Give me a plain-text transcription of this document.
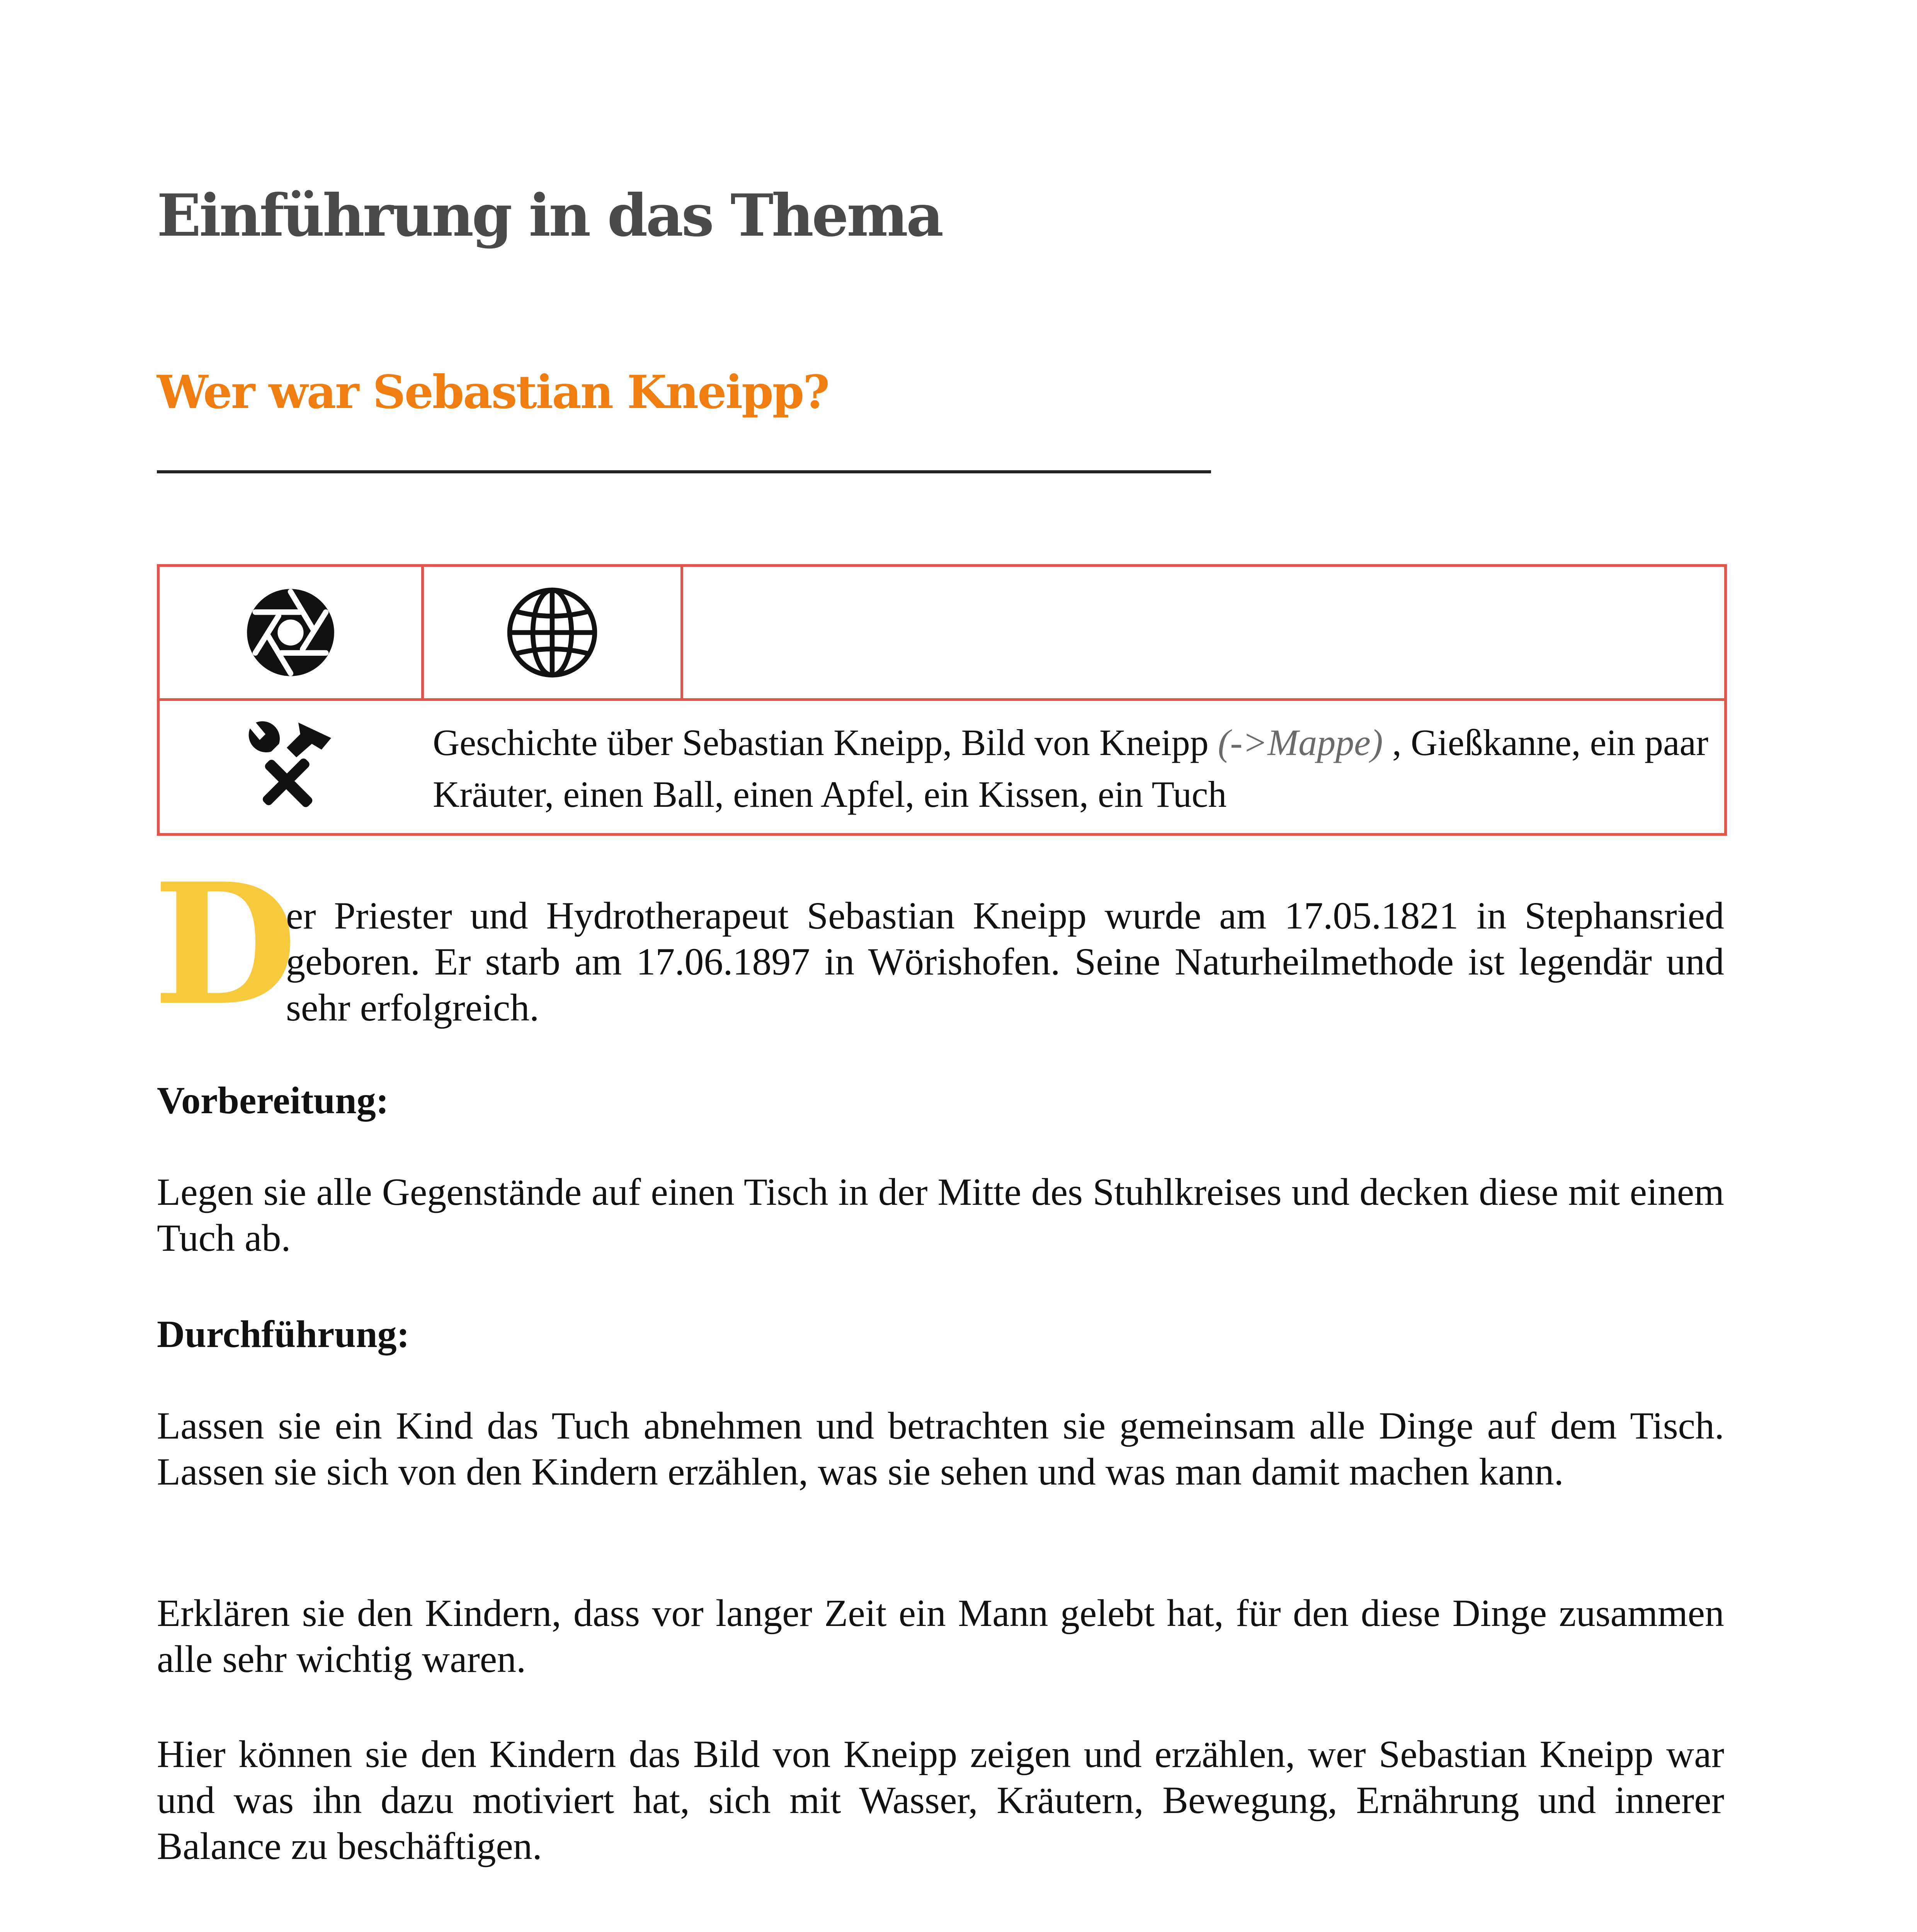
Einführung in das Thema
Wer war Sebastian Kneipp?

Geschichte über Sebastian Kneipp, Bild von Kneipp (->Mappe) , Gießkanne, ein paar Kräuter, einen Ball, einen Apfel, ein Kissen, ein Tuch

D

er Priester und Hydrotherapeut Sebastian Kneipp wurde am 17.05.1821 in Stephansried geboren. Er starb am 17.06.1897 in Wörishofen. Seine Naturheilmethode ist legendär und sehr erfolgreich.

Vorbereitung:

Legen sie alle Gegenstände auf einen Tisch in der Mitte des Stuhlkreises und decken diese mit einem Tuch ab.

Durchführung:

Lassen sie ein Kind das Tuch abnehmen und betrachten sie gemeinsam alle Dinge auf dem Tisch. Lassen sie sich von den Kindern erzählen, was sie sehen und was man damit machen kann.

Erklären sie den Kindern, dass vor langer Zeit ein Mann gelebt hat, für den diese Dinge zusammen alle sehr wichtig waren.

Hier können sie den Kindern das Bild von Kneipp zeigen und erzählen, wer Sebastian Kneipp war und was ihn dazu motiviert hat, sich mit Wasser, Kräutern, Bewegung, Ernährung und innerer Balance zu beschäftigen.
